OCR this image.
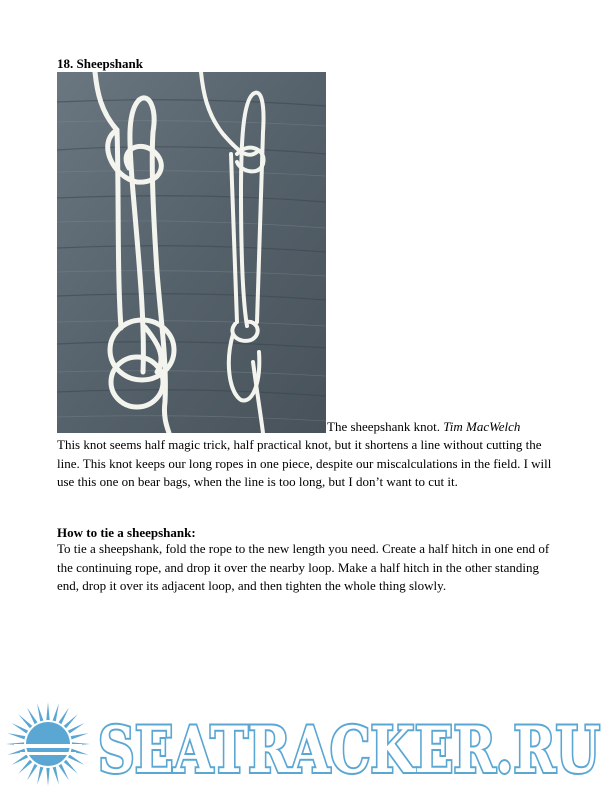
18. Sheepshank
The sheepshank knot. Tim MacWelch

This knot seems half magic trick, half practical knot, but it shortens a line without cutting the line. This knot keeps our long ropes in one piece, despite our miscalculations in the field. I will use this one on bear bags, when the line is too long, but I don’t want to cut it.

How to tie a sheepshank:

To tie a sheepshank, fold the rope to the new length you need. Create a half hitch in one end of the continuing rope, and drop it over the nearby loop. Make a half hitch in the other standing end, drop it over its adjacent loop, and then tighten the whole thing slowly.

SEATRACKER.RU
